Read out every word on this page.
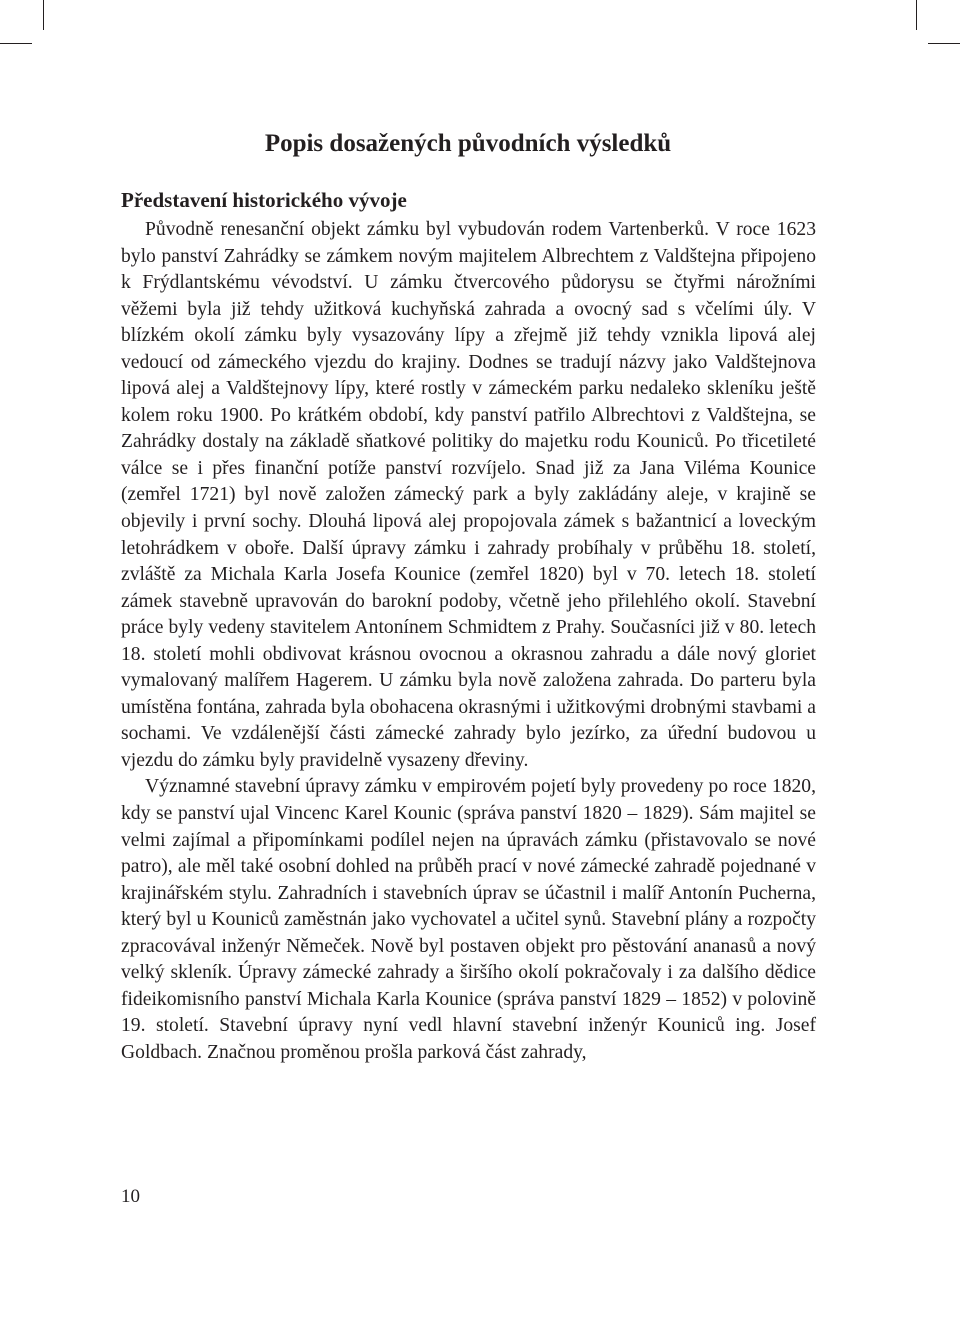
Popis dosažených původních výsledků
Představení historického vývoje

Původně renesanční objekt zámku byl vybudován rodem Vartenberků. V roce 1623 bylo panství Zahrádky se zámkem novým majitelem Albrechtem z Valdštejna připojeno k Frýdlantskému vévodství. U zámku čtvercového půdorysu se čtyřmi nárožními věžemi byla již tehdy užitková kuchyňská zahrada a ovocný sad s včelími úly. V blízkém okolí zámku byly vysazovány lípy a zřejmě již tehdy vznikla lipová alej vedoucí od zámeckého vjezdu do krajiny. Dodnes se tradují názvy jako Valdštejnova lipová alej a Valdštejnovy lípy, které rostly v zámeckém parku nedaleko skleníku ještě kolem roku 1900. Po krátkém období, kdy panství patřilo Albrechtovi z Valdštejna, se Zahrádky dostaly na základě sňatkové politiky do majetku rodu Kouniců. Po třicetileté válce se i přes finanční potíže panství rozvíjelo. Snad již za Jana Viléma Kounice (zemřel 1721) byl nově založen zámecký park a byly zakládány aleje, v krajině se objevily i první sochy. Dlouhá lipová alej propojovala zámek s bažantnicí a loveckým letohrádkem v oboře. Další úpravy zámku i zahrady probíhaly v průběhu 18. století, zvláště za Michala Karla Josefa Kounice (zemřel 1820) byl v 70. letech 18. století zámek stavebně upravován do barokní podoby, včetně jeho přilehlého okolí. Stavební práce byly vedeny stavitelem Antonínem Schmidtem z Prahy. Současníci již v 80. letech 18. století mohli obdivovat krásnou ovocnou a okrasnou zahradu a dále nový gloriet vymalovaný malířem Hagerem. U zámku byla nově založena zahrada. Do parteru byla umístěna fontána, zahrada byla obohacena okrasnými i užitkovými drobnými stavbami a sochami. Ve vzdálenější části zámecké zahrady bylo jezírko, za úřední budovou u vjezdu do zámku byly pravidelně vysazeny dřeviny.

Významné stavební úpravy zámku v empirovém pojetí byly provedeny po roce 1820, kdy se panství ujal Vincenc Karel Kounic (správa panství 1820 – 1829). Sám majitel se velmi zajímal a připomínkami podílel nejen na úpravách zámku (přistavovalo se nové patro), ale měl také osobní dohled na průběh prací v nové zámecké zahradě pojednané v krajinářském stylu. Zahradních i stavebních úprav se účastnil i malíř Antonín Pucherna, který byl u Kouniců zaměstnán jako vychovatel a učitel synů. Stavební plány a rozpočty zpracovával inženýr Němeček. Nově byl postaven objekt pro pěstování ananasů a nový velký skleník. Úpravy zámecké zahrady a širšího okolí pokračovaly i za dalšího dědice fideikomisního panství Michala Karla Kounice (správa panství 1829 – 1852) v polovině 19. století. Stavební úpravy nyní vedl hlavní stavební inženýr Kouniců ing. Josef Goldbach. Značnou proměnou prošla parková část zahrady,

10
